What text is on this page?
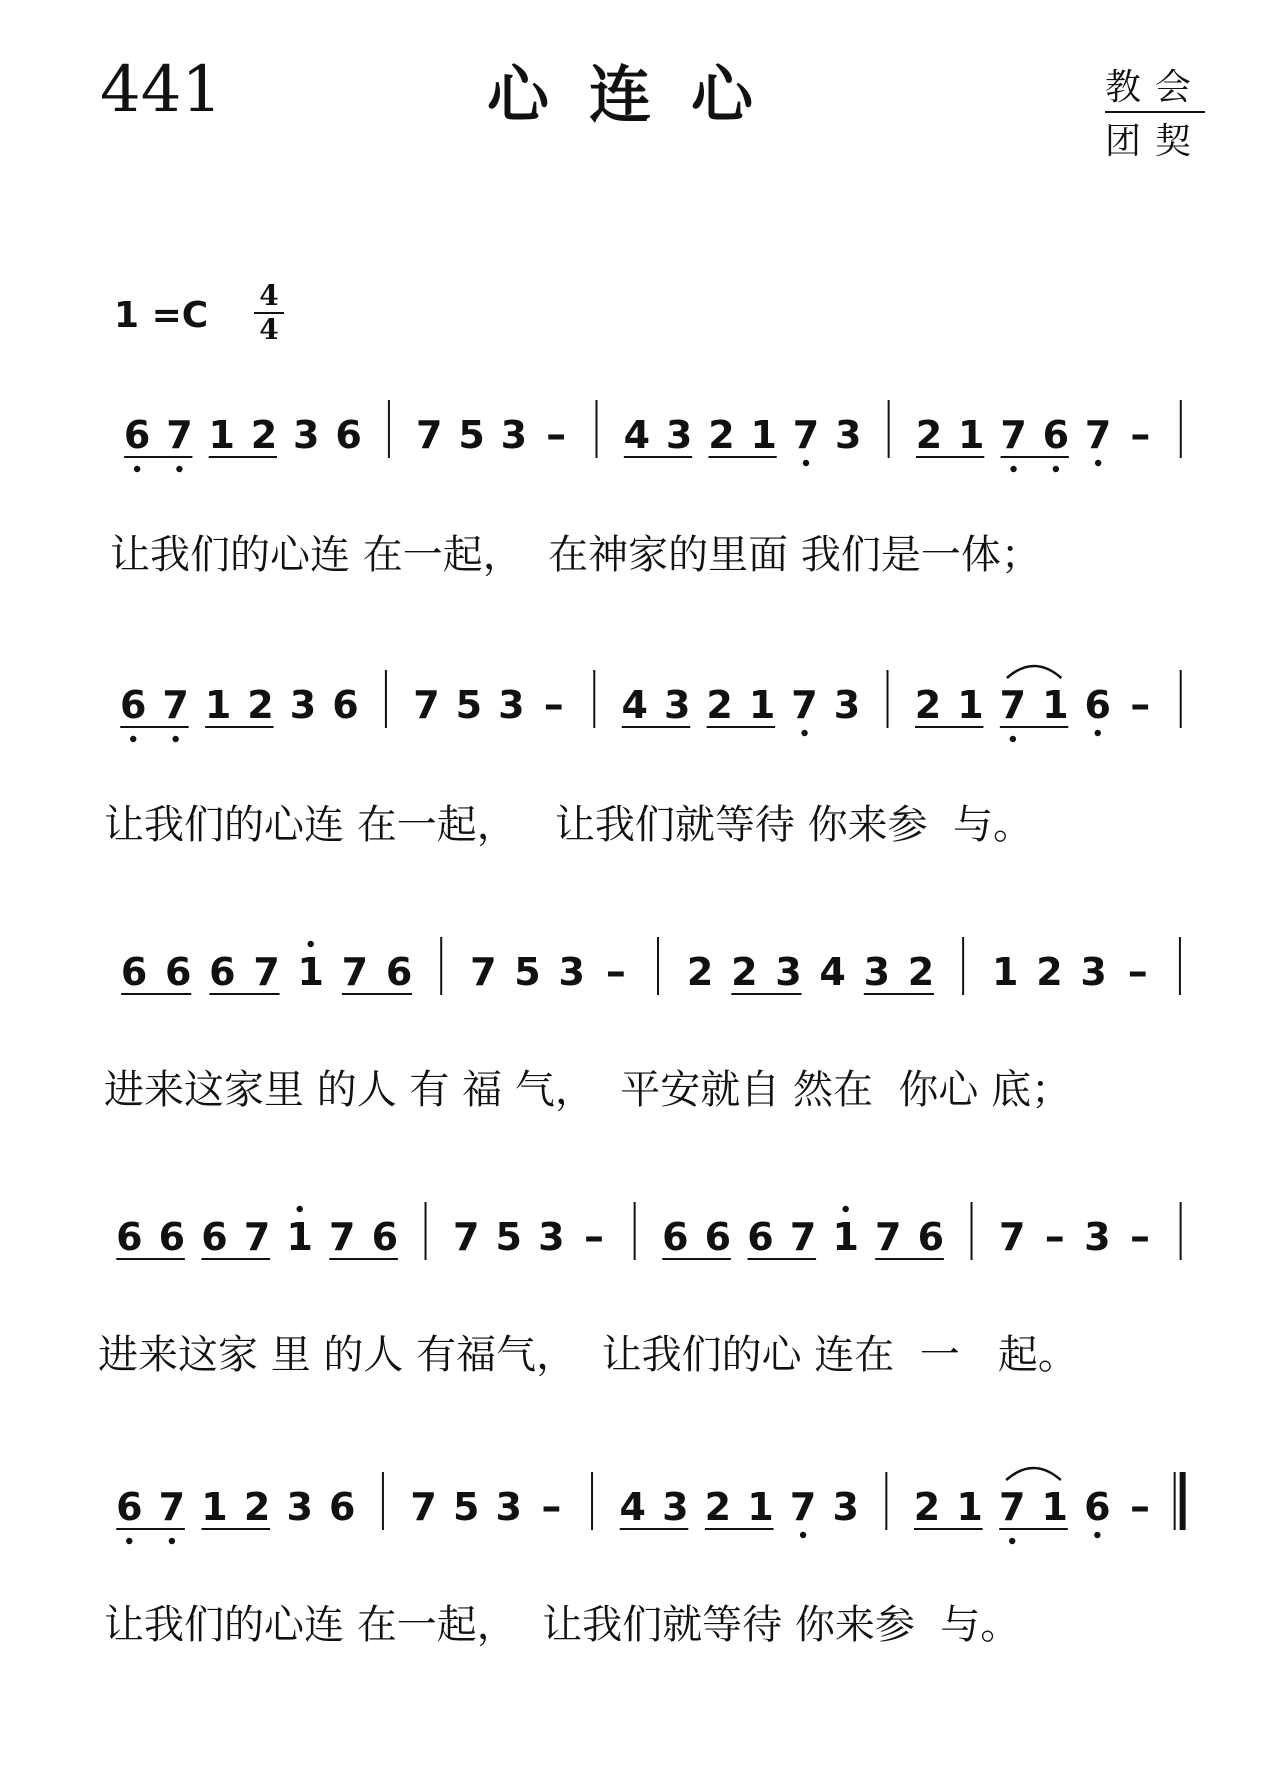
441	心连心	教会
团契
$1 =C \frac{4}{4}$
6 7 1 2 3 6 7 5 3 – 4 3 2 1 7 3 2 1 7 6 7 –
6 7 1 2 3 6 7 5 3 – 4 3 2 1 7 3 2 1 7 1 6 –
6 6 6 7 1 7 6 7 5 3 – 2 2 3 4 3 2 1 2 3 –
6 6 6 7 1 7 6 7 5 3 – 6 6 6 7 1 7 6 7 – 3 –
6 7 1 2 3 6 7 5 3 – 4 3 2 1 7 3 2 1 7 1 6 –
让我们的心连 在一起，  在神家的里面 我们是一体；
让我们的心连 在一起，   让我们就等待 你来参  与。
进来这家里 的人 有 福 气，  平安就自 然在  你心 底；
进来这家 里 的人 有福气，  让我们的心 连在  一   起。
让我们的心连 在一起，  让我们就等待 你来参  与。
